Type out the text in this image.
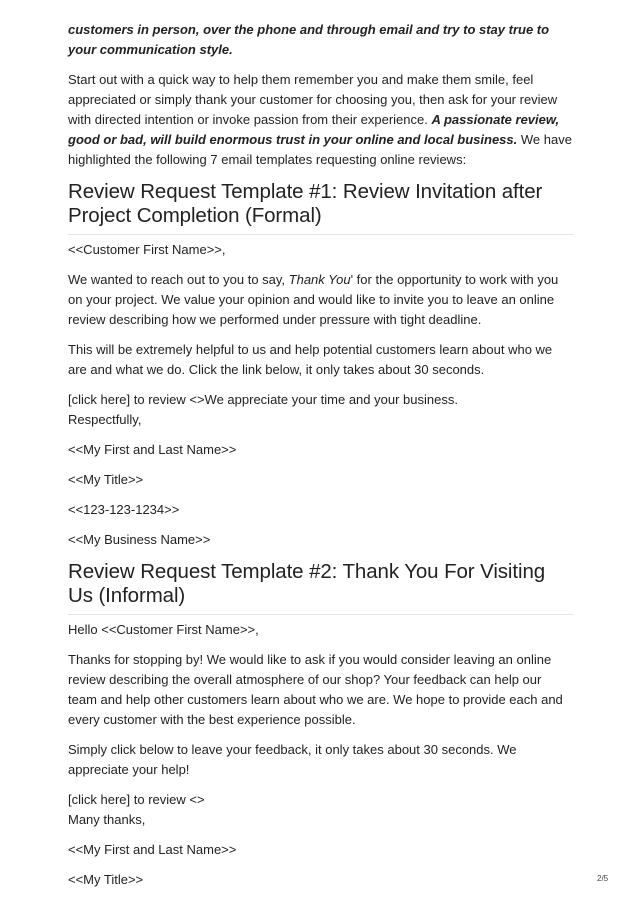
customers in person, over the phone and through email and try to stay true to your communication style.

Start out with a quick way to help them remember you and make them smile, feel appreciated or simply thank your customer for choosing you, then ask for your review with directed intention or invoke passion from their experience. A passionate review, good or bad, will build enormous trust in your online and local business. We have highlighted the following 7 email templates requesting online reviews:

Review Request Template #1: Review Invitation after Project Completion (Formal)

<<Customer First Name>>,

We wanted to reach out to you to say, Thank You' for the opportunity to work with you on your project. We value your opinion and would like to invite you to leave an online review describing how we performed under pressure with tight deadline.

This will be extremely helpful to us and help potential customers learn about who we are and what we do. Click the link below, it only takes about 30 seconds.

[click here] to review <>We appreciate your time and your business.

Respectfully,

<<My First and Last Name>>

<<My Title>>

<<123-123-1234>>

<<My Business Name>>

Review Request Template #2: Thank You For Visiting Us (Informal)

Hello <<Customer First Name>>,

Thanks for stopping by! We would like to ask if you would consider leaving an online review describing the overall atmosphere of our shop? Your feedback can help our team and help other customers learn about who we are. We hope to provide each and every customer with the best experience possible.

Simply click below to leave your feedback, it only takes about 30 seconds. We appreciate your help!

[click here] to review <>

Many thanks,

<<My First and Last Name>>

<<My Title>>	2/5
